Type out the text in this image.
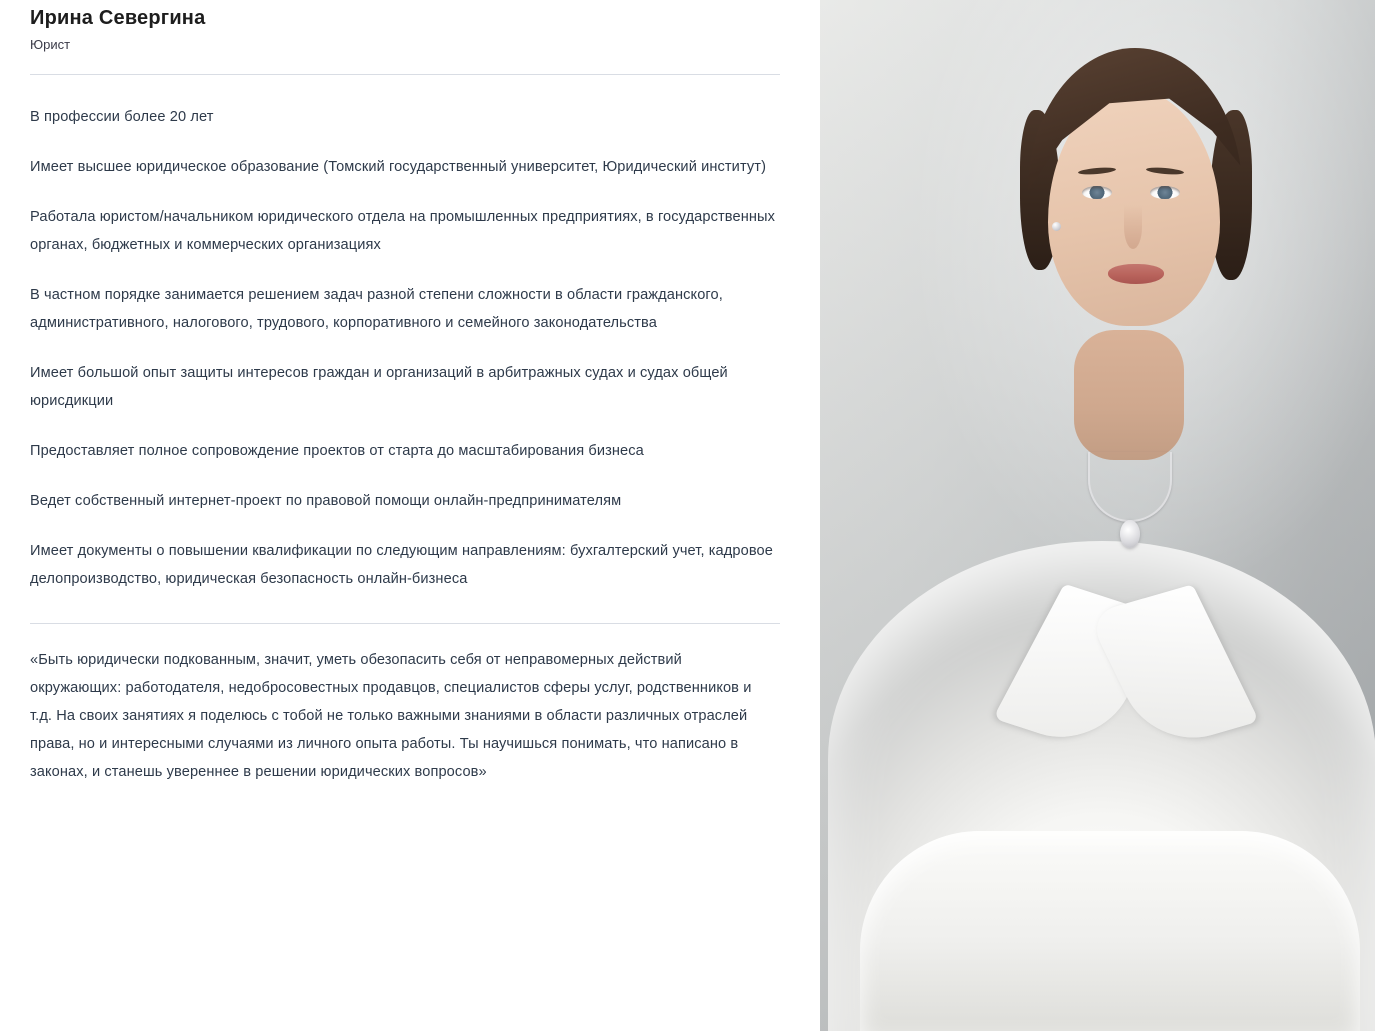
Ирина Севергина

Юрист

В профессии более 20 лет
Имеет высшее юридическое образование (Томский государственный университет, Юридический институт)
Работала юристом/начальником юридического отдела на промышленных предприятиях, в государственных органах, бюджетных и коммерческих организациях
В частном порядке занимается решением задач разной степени сложности в области гражданского, административного, налогового, трудового, корпоративного и семейного законодательства
Имеет большой опыт защиты интересов граждан и организаций в арбитражных судах и судах общей юрисдикции
Предоставляет полное сопровождение проектов от старта до масштабирования бизнеса
Ведет собственный интернет-проект по правовой помощи онлайн-предпринимателям
Имеет документы о повышении квалификации по следующим направлениям: бухгалтерский учет, кадровое делопроизводство, юридическая безопасность онлайн-бизнеса

«Быть юридически подкованным, значит, уметь обезопасить себя от неправомерных действий окружающих: работодателя, недобросовестных продавцов, специалистов сферы услуг, родственников и т.д. На своих занятиях я поделюсь с тобой не только важными знаниями в области различных отраслей права, но и интересными случаями из личного опыта работы. Ты научишься понимать, что написано в законах, и станешь увереннее в решении юридических вопросов»
